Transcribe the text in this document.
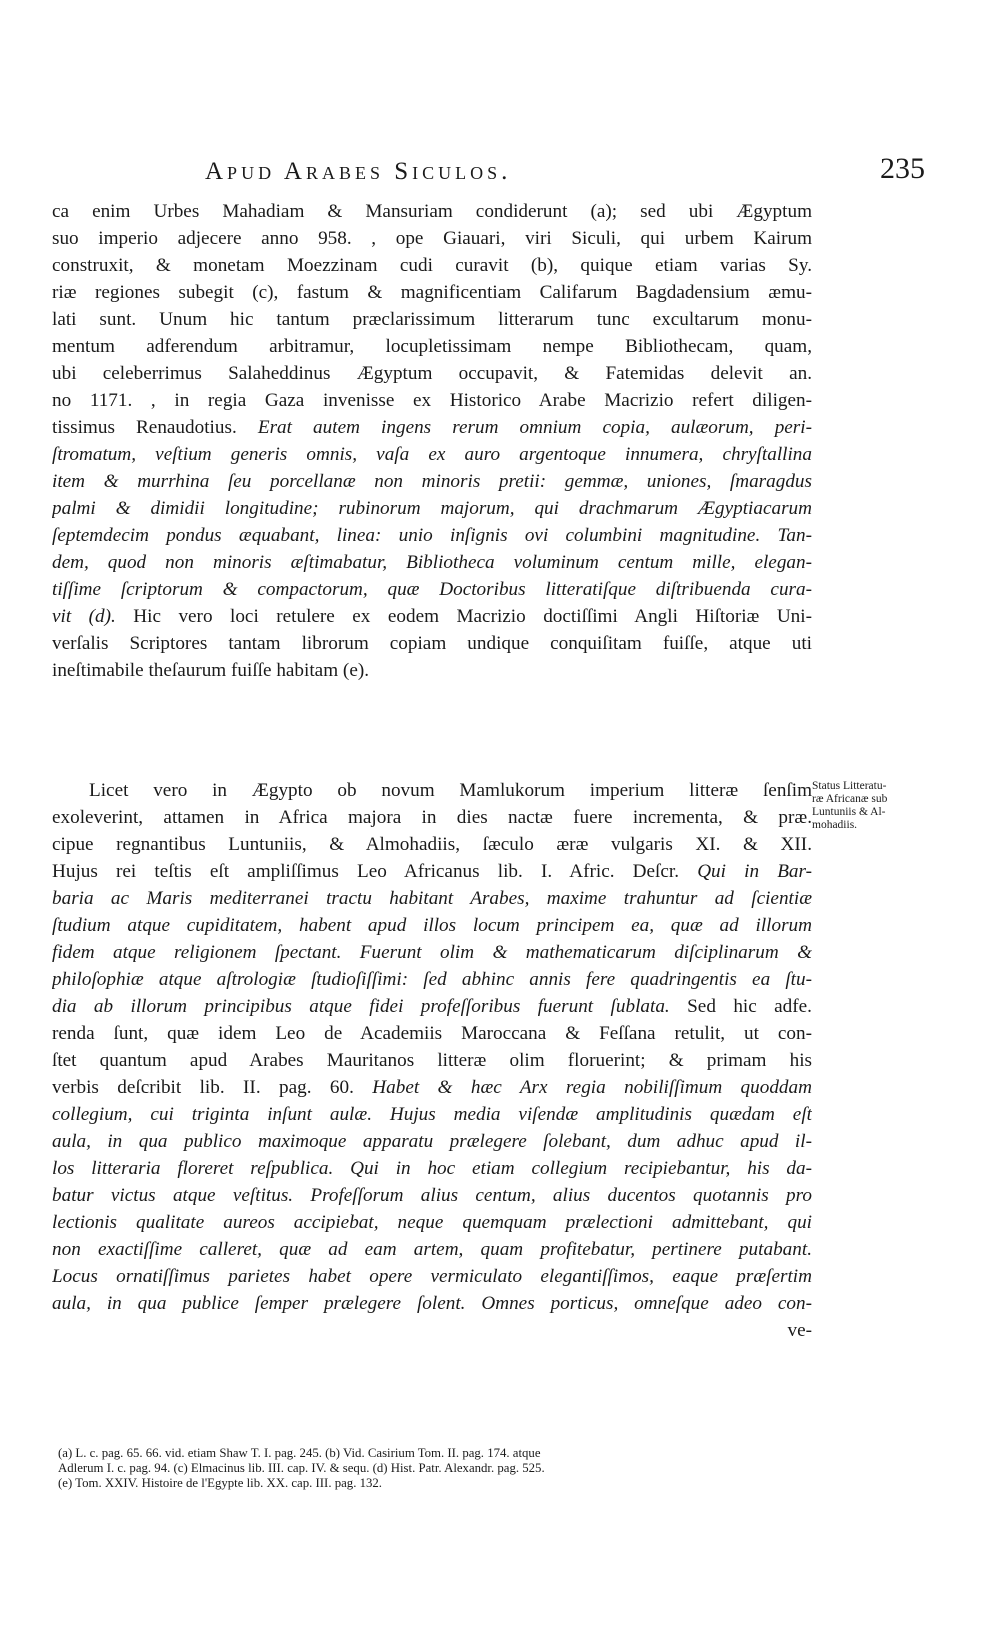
Apud Arabes Siculos.	235
ca enim Urbes Mahadiam & Mansuriam condiderunt (a); sed ubi Ægyptum
suo imperio adjecere anno 958. , ope Giauari, viri Siculi, qui urbem Kairum
construxit, & monetam Moezzinam cudi curavit (b), quique etiam varias Sy.
riæ regiones subegit (c), fastum & magnificentiam Califarum Bagdadensium æmu-
lati sunt. Unum hic tantum præclarissimum litterarum tunc excultarum monu-
mentum adferendum arbitramur, locupletissimam nempe Bibliothecam, quam,
ubi celeberrimus Salaheddinus Ægyptum occupavit, & Fatemidas delevit an.
no 1171. , in regia Gaza invenisse ex Historico Arabe Macrizio refert diligen-
tissimus Renaudotius. Erat autem ingens rerum omnium copia, aulæorum, peri-
ſtromatum, veſtium generis omnis, vaſa ex auro argentoque innumera, chryſtallina
item & murrhina ſeu porcellanæ non minoris pretii: gemmæ, uniones, ſmaragdus
palmi & dimidii longitudine; rubinorum majorum, qui drachmarum Ægyptiacarum
ſeptemdecim pondus æquabant, linea: unio inſignis ovi columbini magnitudine. Tan-
dem, quod non minoris æſtimabatur, Bibliotheca voluminum centum mille, elegan-
tiſſime ſcriptorum & compactorum, quæ Doctoribus litteratiſque diſtribuenda cura-
vit (d). Hic vero loci retulere ex eodem Macrizio doctiſſimi Angli Hiſtoriæ Uni-
verſalis Scriptores tantam librorum copiam undique conquiſitam fuiſſe, atque uti
ineſtimabile theſaurum fuiſſe habitam (e).
Licet vero in Ægypto ob novum Mamlukorum imperium litteræ ſenſim
exoleverint, attamen in Africa majora in dies nactæ fuere incrementa, & præ.
cipue regnantibus Luntuniis, & Almohadiis, ſæculo æræ vulgaris XI. & XII.
Hujus rei teſtis eſt ampliſſimus Leo Africanus lib. I. Afric. Deſcr. Qui in Bar-
baria ac Maris mediterranei tractu habitant Arabes, maxime trahuntur ad ſcientiæ
ſtudium atque cupiditatem, habent apud illos locum principem ea, quæ ad illorum
fidem atque religionem ſpectant. Fuerunt olim & mathematicarum diſciplinarum &
philoſophiæ atque aſtrologiæ ſtudioſiſſimi: ſed abhinc annis fere quadringentis ea ſtu-
dia ab illorum principibus atque fidei profeſſoribus fuerunt ſublata. Sed hic adfe.
renda ſunt, quæ idem Leo de Academiis Maroccana & Feſſana retulit, ut con-
ſtet quantum apud Arabes Mauritanos litteræ olim floruerint; & primam his
verbis deſcribit lib. II. pag. 60. Habet & hæc Arx regia nobiliſſimum quoddam
collegium, cui triginta inſunt aulæ. Hujus media viſendæ amplitudinis quædam eſt
aula, in qua publico maximoque apparatu prælegere ſolebant, dum adhuc apud il-
los litteraria floreret reſpublica. Qui in hoc etiam collegium recipiebantur, his da-
batur victus atque veſtitus. Profeſſorum alius centum, alius ducentos quotannis pro
lectionis qualitate aureos accipiebat, neque quemquam prælectioni admittebant, qui
non exactiſſime calleret, quæ ad eam artem, quam profitebatur, pertinere putabant.
Locus ornatiſſimus parietes habet opere vermiculato elegantiſſimos, eaque præſertim
aula, in qua publice ſemper prælegere ſolent. Omnes porticus, omneſque adeo con-
ve-
Status Litteratu-
ræ Africanæ sub
Luntuniis & Al-
mohadiis.
(a) L. c. pag. 65. 66. vid. etiam Shaw T. I. pag. 245. (b) Vid. Casirium Tom. II. pag. 174. atque
Adlerum I. c. pag. 94. (c) Elmacinus lib. III. cap. IV. & sequ. (d) Hist. Patr. Alexandr. pag. 525.
(e) Tom. XXIV. Histoire de l'Egypte lib. XX. cap. III. pag. 132.
